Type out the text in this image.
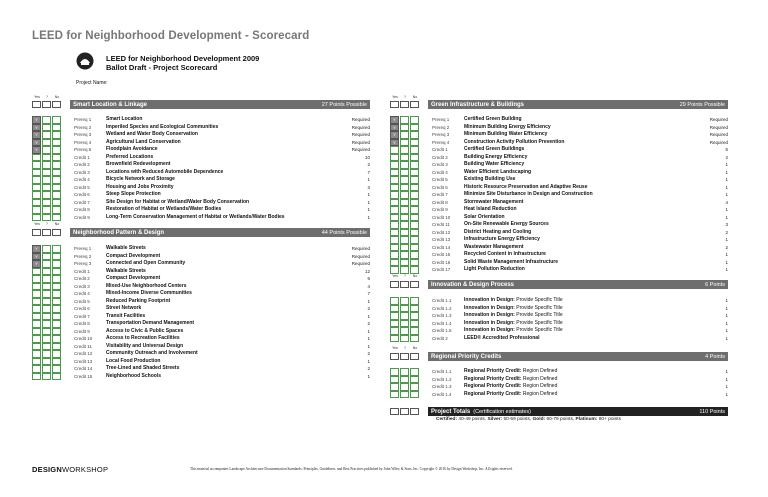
LEED for Neighborhood Development - Scorecard
LEED for Neighborhood Development 2009
Ballot Draft - Project Scorecard
Project Name:
Yes ? No
Smart Location & Linkage	27 Points Possible
Y
Y
Y
Y
Y
Prereq 1	Smart Location	Required
Prereq 2	Imperiled Species and Ecological Communities	Required
Prereq 3	Wetland and Water Body Conservation	Required
Prereq 4	Agricultural Land Conservation	Required
Prereq 5	Floodplain Avoidance	Required
Credit 1	Preferred Locations	10
Credit 2	Brownfield Redevelopment	2
Credit 3	Locations with Reduced Automobile Dependence	7
Credit 4	Bicycle Network and Storage	1
Credit 5	Housing and Jobs Proximity	3
Credit 6	Steep Slope Protection	1
Credit 7	Site Design for Habitat or Wetland/Water Body Conservation	1
Credit 8	Restoration of Habitat or Wetlands/Water Bodies	1
Credit 9	Long-Term Conservation Management of Habitat or Wetlands/Water Bodies	1
Yes ? No
Neighborhood Pattern & Design	44 Points Possible
Y
Y
Y
Prereq 1	Walkable Streets	Required
Prereq 2	Compact Development	Required
Prereq 3	Connected and Open Community	Required
Credit 1	Walkable Streets	12
Credit 2	Compact Development	6
Credit 3	Mixed-Use Neighborhood Centers	4
Credit 4	Mixed-Income Diverse Communities	7
Credit 5	Reduced Parking Footprint	1
Credit 6	Street Network	2
Credit 7	Transit Facilities	1
Credit 8	Transportation Demand Management	2
Credit 9	Access to Civic & Public Spaces	1
Credit 10	Access to Recreation Facilities	1
Credit 11	Visitability and Universal Design	1
Credit 12	Community Outreach and Involvement	2
Credit 13	Local Food Production	1
Credit 14	Tree-Lined and Shaded Streets	2
Credit 15	Neighborhood Schools	1
Yes ? No
Green Infrastructure & Buildings	29 Points Possible
Y
Y
Y
Y
Prereq 1	Certified Green Building	Required
Prereq 2	Minimum Building Energy Efficiency	Required
Prereq 3	Minimum Building Water Efficiency	Required
Prereq 4	Construction Activity Pollution Prevention	Required
Credit 1	Certified Green Buildings	5
Credit 2	Building Energy Efficiency	2
Credit 3	Building Water Efficiency	1
Credit 4	Water Efficient Landscaping	1
Credit 5	Existing Building Use	1
Credit 6	Historic Resource Preservation and Adaptive Reuse	1
Credit 7	Minimize Site Disturbance in Design and Construction	1
Credit 8	Stormwater Management	4
Credit 9	Heat Island Reduction	1
Credit 10	Solar Orientation	1
Credit 11	On-Site Renewable Energy Sources	3
Credit 12	District Heating and Cooling	2
Credit 13	Infrastructure Energy Efficiency	1
Credit 14	Wastewater Management	2
Credit 15	Recycled Content in Infrastructure	1
Credit 16	Solid Waste Management Infrastructure	1
Credit 17	Light Pollution Reduction	1
Yes ? No
Innovation & Design Process	6 Points
Credit 1.1 Innovation in Design: Provide Specific Title	1
Credit 1.2 Innovation in Design: Provide Specific Title	1
Credit 1.3 Innovation in Design: Provide Specific Title	1
Credit 1.4 Innovation in Design: Provide Specific Title	1
Credit 1.5 Innovation in Design: Provide Specific Title	1
Credit 2	LEED® Accredited Professional	1
Yes ? No
Regional Priority Credits	4 Points
Credit 1.1 Regional Priority Credit: Region Defined	1
Credit 1.2 Regional Priority Credit: Region Defined	1
Credit 1.3 Regional Priority Credit: Region Defined	1
Credit 1.4 Regional Priority Credit: Region Defined	1
Project Totals (Certification estimates)	110 Points
Certified: 40-49 points, Silver: 50-59 points, Gold: 60-79 points, Platinum: 80+ points
DESIGNWORKSHOP	This material accompanies Landscape Architecture Documentation Standards: Principles, Guidelines, and Best Practices published by John Wiley & Sons, Inc. Copyright © 2016 by Design Workshop, Inc. All rights reserved.
